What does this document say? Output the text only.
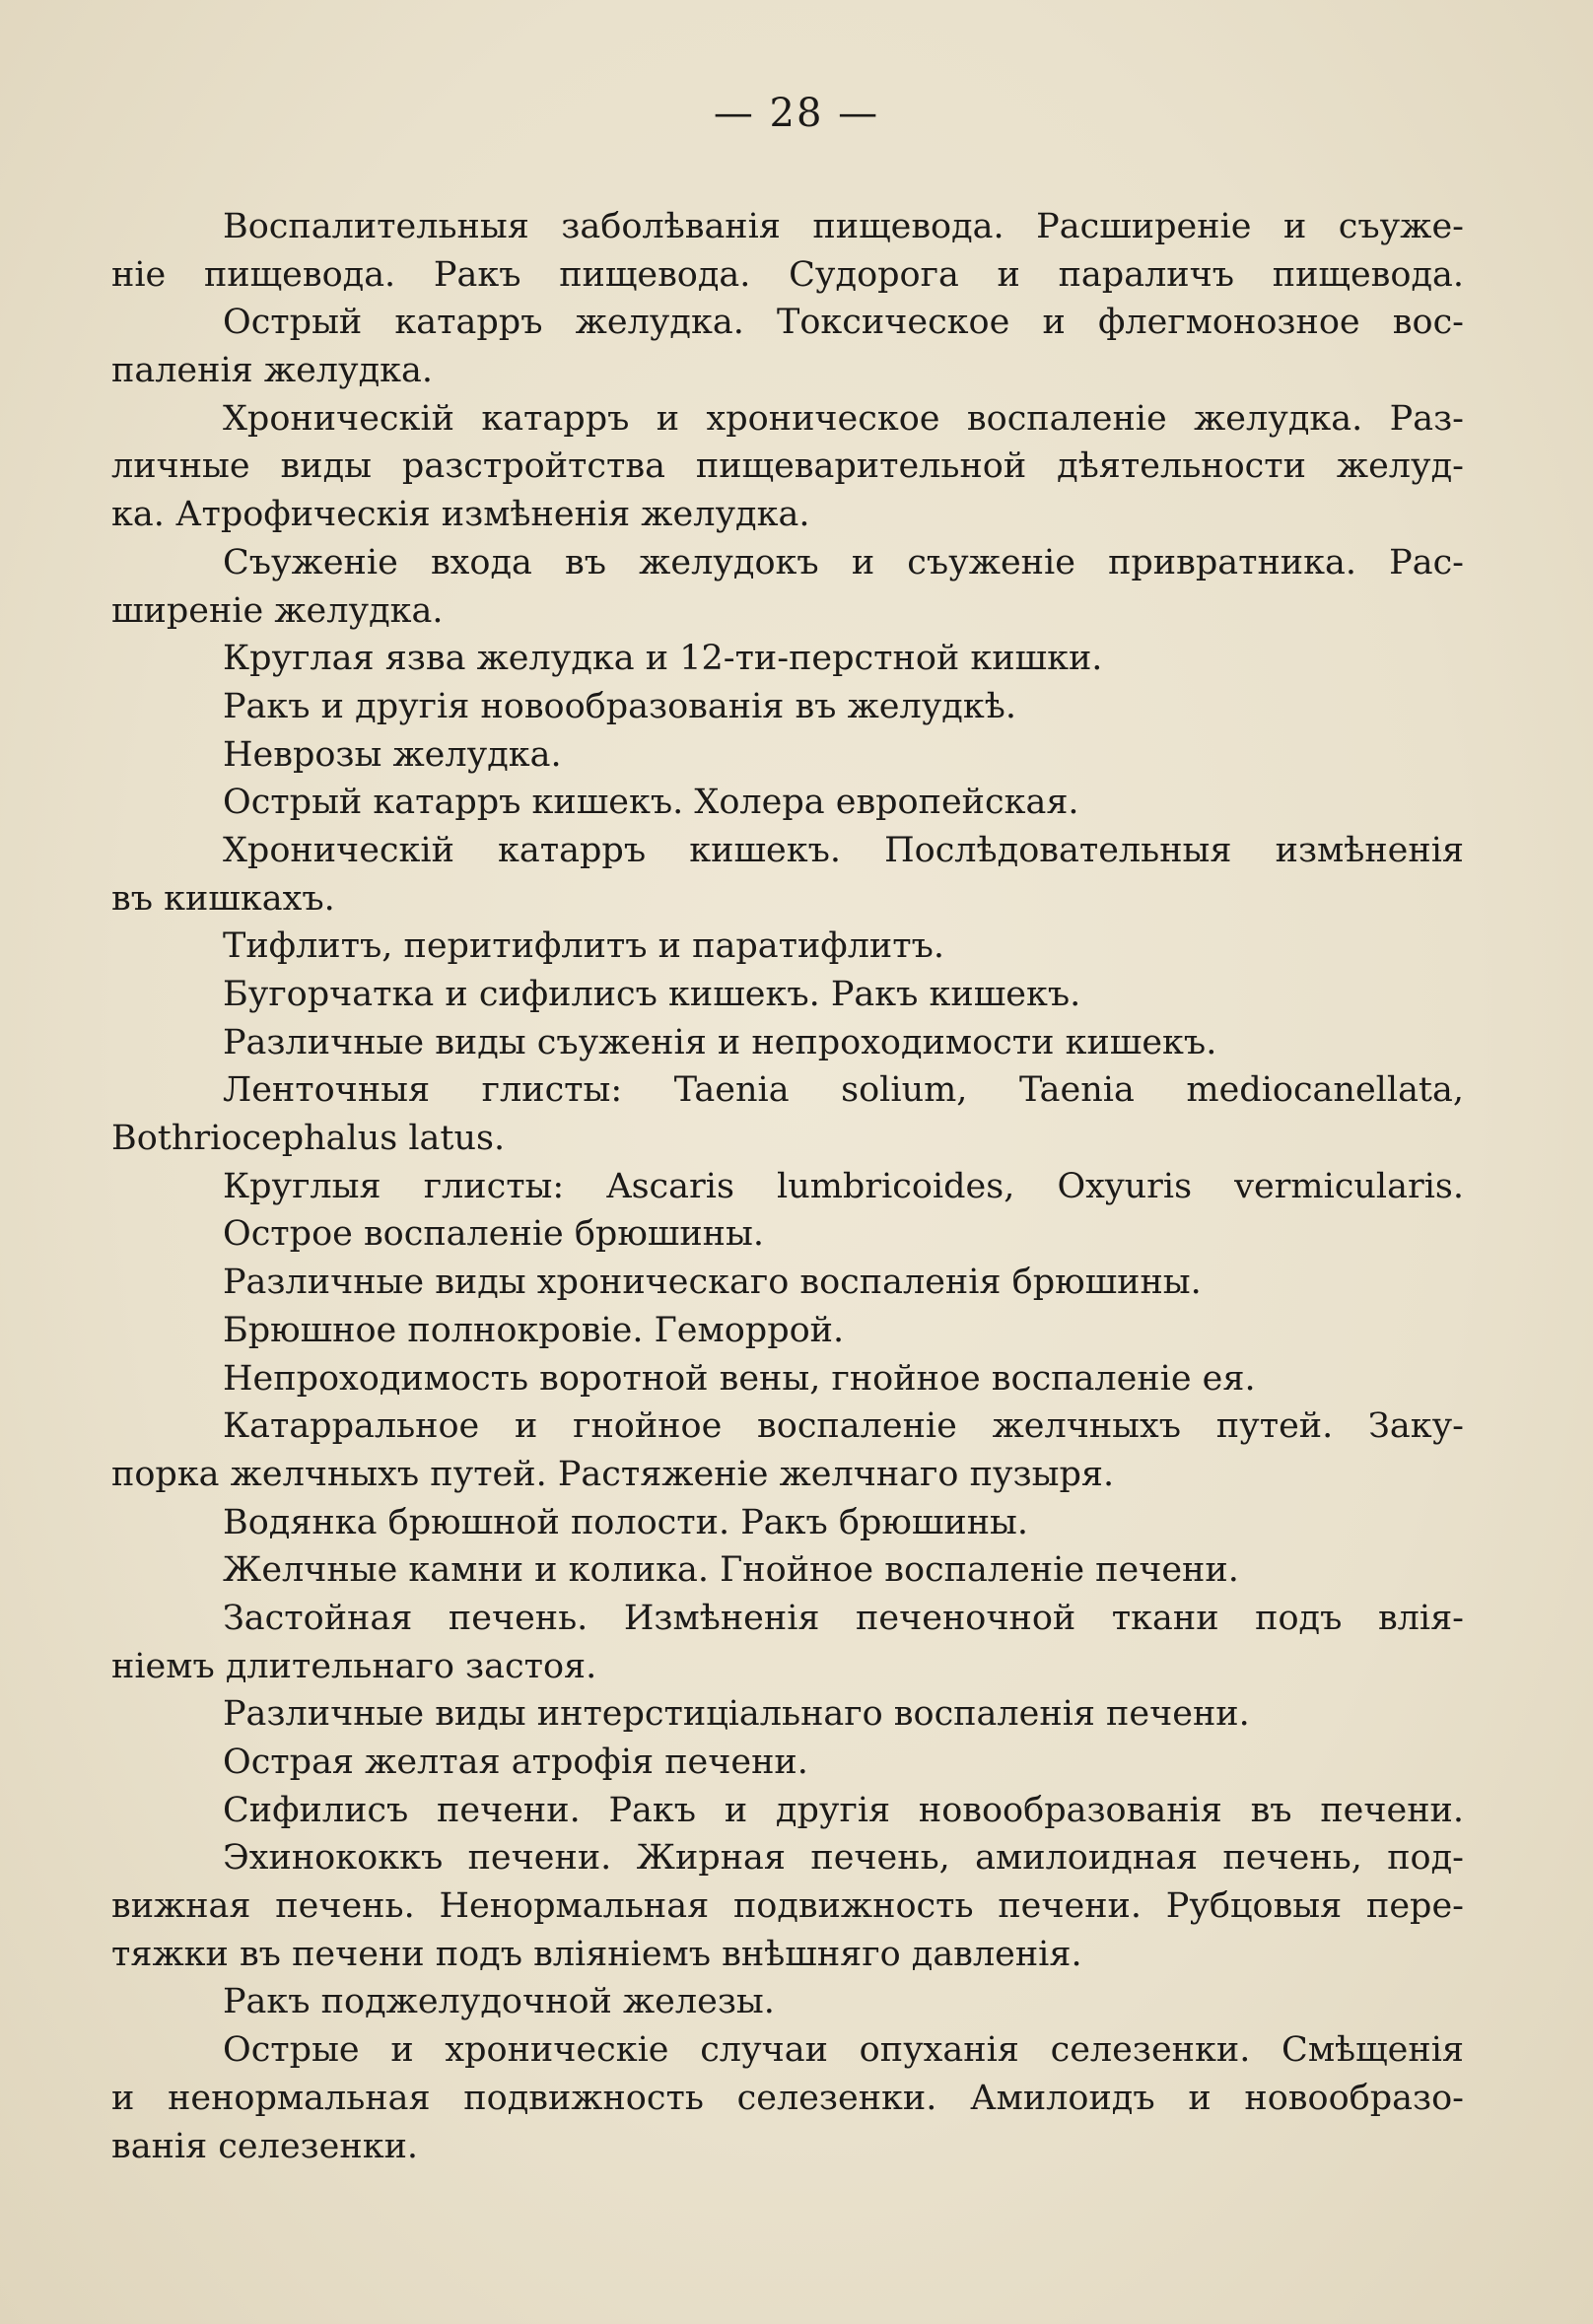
— 28 —
Воспалительныя заболѣванія пищевода. Расширеніе и съуже-
ніе пищевода. Ракъ пищевода. Судорога и параличъ пищевода.
Острый катарръ желудка. Токсическое и флегмонозное вос-
паленія желудка.
Хроническій катарръ и хроническое воспаленіе желудка. Раз-
личные виды разстройтства пищеварительной дѣятельности желуд-
ка. Атрофическія измѣненія желудка.
Съуженіе входа въ желудокъ и съуженіе привратника. Рас-
ширеніе желудка.
Круглая язва желудка и 12-ти-перстной кишки.
Ракъ и другія новообразованія въ желудкѣ.
Неврозы желудка.
Острый катарръ кишекъ. Холера европейская.
Хроническій катарръ кишекъ. Послѣдовательныя измѣненія
въ кишкахъ.
Тифлитъ, перитифлитъ и паратифлитъ.
Бугорчатка и сифилисъ кишекъ. Ракъ кишекъ.
Различные виды съуженія и непроходимости кишекъ.
Ленточныя глисты: Taenia solium, Taenia mediocanellata,
Bothriocephalus latus.
Круглыя глисты: Ascaris lumbricoides, Oxyuris vermicularis.
Острое воспаленіе брюшины.
Различные виды хроническаго воспаленія брюшины.
Брюшное полнокровіе. Геморрой.
Непроходимость воротной вены, гнойное воспаленіе ея.
Катарральное и гнойное воспаленіе желчныхъ путей. Заку-
порка желчныхъ путей. Растяженіе желчнаго пузыря.
Водянка брюшной полости. Ракъ брюшины.
Желчные камни и колика. Гнойное воспаленіе печени.
Застойная печень. Измѣненія печеночной ткани подъ влія-
ніемъ длительнаго застоя.
Различные виды интерстиціальнаго воспаленія печени.
Острая желтая атрофія печени.
Сифилисъ печени. Ракъ и другія новообразованія въ печени.
Эхинококкъ печени. Жирная печень, амилоидная печень, под-
вижная печень. Ненормальная подвижность печени. Рубцовыя пере-
тяжки въ печени подъ вліяніемъ внѣшняго давленія.
Ракъ поджелудочной железы.
Острые и хроническіе случаи опуханія селезенки. Смѣщенія
и ненормальная подвижность селезенки. Амилоидъ и новообразо-
ванія селезенки.
